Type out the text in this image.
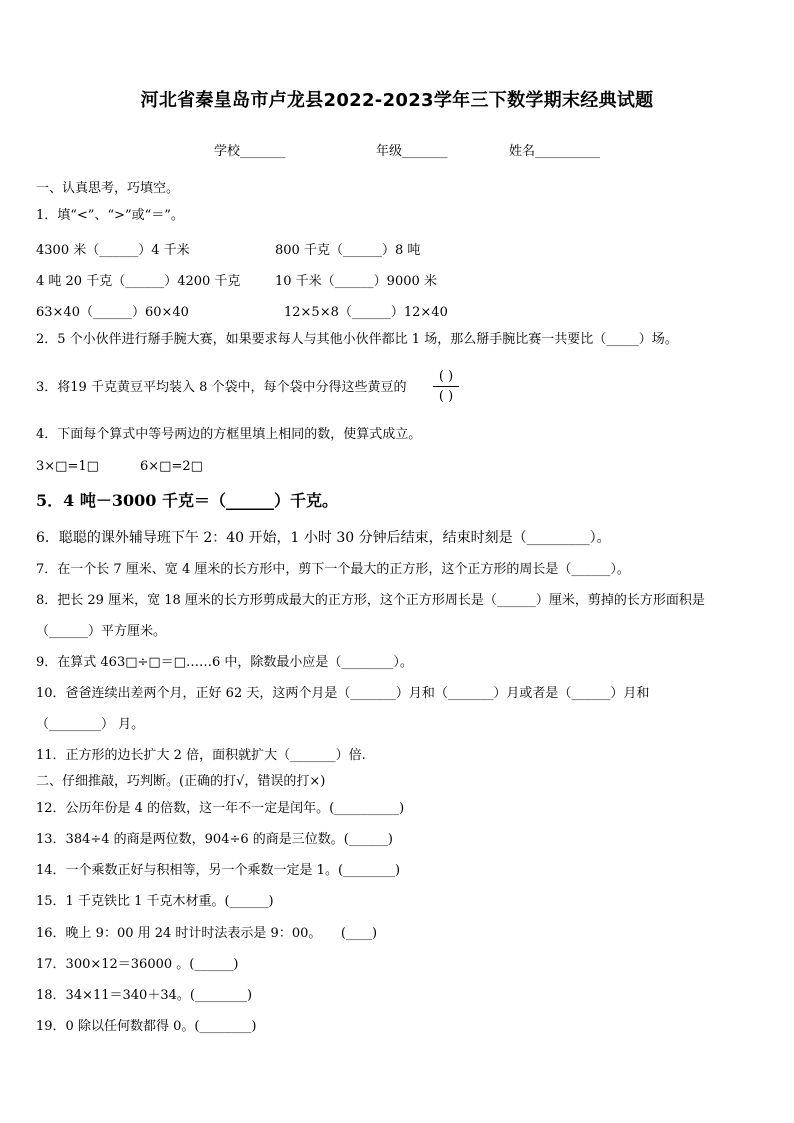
河北省秦皇岛市卢龙县2022-2023学年三下数学期末经典试题
学校_______	年级_______	姓名__________
一、认真思考，巧填空。
1．填“<”、“>”或“＝”。
4300 米（______）4 千米	800 千克（______）8 吨
4 吨 20 千克（______）4200 千克	10 千米（______）9000 米
63×40（______）60×40	12×5×8（______）12×40
2．5 个小伙伴进行掰手腕大赛，如果要求每人与其他小伙伴都比 1 场，那么掰手腕比赛一共要比（_____）场。
3．将19 千克黄豆平均装入 8 个袋中，每个袋中分得这些黄豆的
( )
( )
4．下面每个算式中等号两边的方框里填上相同的数，使算式成立。
3×□=1□	6×□=2□
5．4 吨－3000 千克＝（______）千克。
6．聪聪的课外辅导班下午 2：40 开始，1 小时 30 分钟后结束，结束时刻是（_________）。
7．在一个长 7 厘米、宽 4 厘米的长方形中，剪下一个最大的正方形，这个正方形的周长是（______）。
8．把长 29 厘米，宽 18 厘米的长方形剪成最大的正方形，这个正方形周长是（______）厘米，剪掉的长方形面积是
（______）平方厘米。
9．在算式 463□÷□＝□……6 中，除数最小应是（________）。
10．爸爸连续出差两个月，正好 62 天，这两个月是（_______）月和（_______）月或者是（______）月和
（________） 月。
11．正方形的边长扩大 2 倍，面积就扩大（_______）倍.
二、仔细推敲，巧判断。(正确的打√，错误的打×)
12．公历年份是 4 的倍数，这一年不一定是闰年。(__________)
13．384÷4 的商是两位数，904÷6 的商是三位数。(______)
14．一个乘数正好与积相等，另一个乘数一定是 1。(________)
15．1 千克铁比 1 千克木材重。(______)
16．晚上 9：00 用 24 时计时法表示是 9：00。　　(____)
17．300×12＝36000 。(______)
18．34×11＝340＋34。(________)
19．0 除以任何数都得 0。(________)
